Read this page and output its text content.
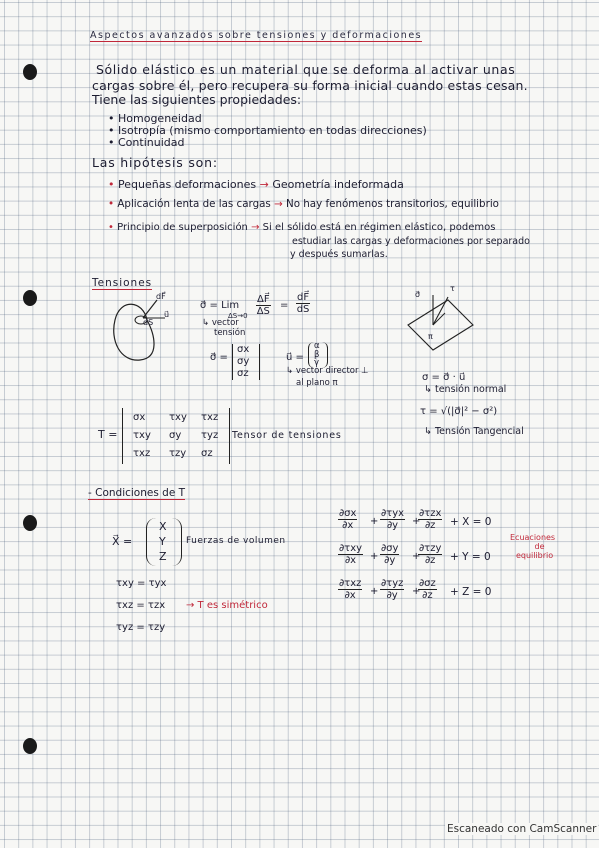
Aspectos avanzados sobre tensiones y deformaciones
Sólido elástico es un material que se deforma al activar unas
cargas sobre él, pero recupera su forma inicial cuando estas cesan.
Tiene las siguientes propiedades:
• Homogeneidad
• Isotropía (mismo comportamiento en todas direcciones)
• Continuidad
Las hipótesis son:
• Pequeñas deformaciones → Geometría indeformada
• Aplicación lenta de las cargas → No hay fenómenos transitorios, equilibrio
• Principio de superposición → Si el sólido está en régimen elástico, podemos
estudiar las cargas y deformaciones por separado
y después sumarlas.
Tensiones
dF⃗
dS
u⃗
σ⃗ = Lim
$\Delta S\to 0 \frac{\Delta F⃗}{\Delta S} = \frac{dF⃗}{dS}$
↳ vector
tensión
σ⃗
τ
π
σ⃗ =
σx
σy
σz
u⃗ =
α
β
γ
↳ vector director ⊥
al plano π	σ = σ⃗ · u⃗
↳ tensión normal
τ = √(|σ⃗|² − σ²)
↳ Tensión Tangencial
T =
σx τxy τxz
τxy σy τyz
τxz τzy σz
Tensor de tensiones
- Condiciones de T
X⃗ =
X
Y
Z
Fuerzas de volumen
τxy = τyx
τxz = τzx → T es simétrico
τyz = τzy
$\frac{\partial\sigma x}{\partial x}$ +
∂τyx
∂y +
∂τzx
∂z + X = 0
∂τxy
$\partial x + \frac{\partial\sigma y}{\partial y}$ +
∂τzy
∂z + Y = 0
∂τxz
∂x +
∂τyz
∂y +
$\frac{\partial\sigma z}{\partial z} + Z = 0$
Ecuaciones
de
equilibrio
Escaneado con CamScanner
